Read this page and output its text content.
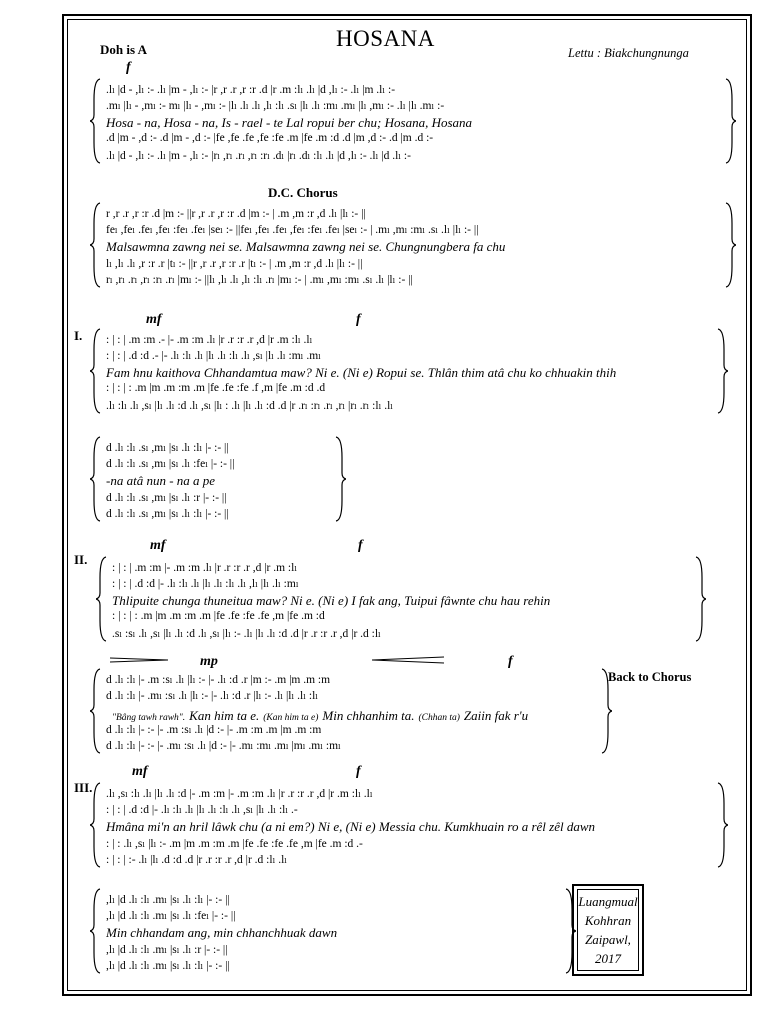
HOSANA
Doh is A	Lettu : Biakchungnunga
f
D.C. Chorus
I.
mf	f
II.
mf	f
mp	f
Back to Chorus
III.
mf	f
.lₗ |d - ,lₗ :- .lₗ |m - ,lₗ :- |r ,r .r ,r :r .d |r .m :lₗ .lₗ |d ,lₗ :- .lₗ |m .lₗ :-
.mₗ |lₗ - ,mₗ :- mₗ |lₗ - ,mₗ :- |lₗ .lₗ .lₗ ,lₗ :lₗ .sₗ |lₗ .lₗ :mₗ .mₗ |lₗ ,mₗ :- .lₗ |lₗ .mₗ :-
.d |m - ,d :- .d |m - ,d :- |fe ,fe .fe ,fe :fe .m |fe .m :d .d |m ,d :- .d |m .d :-
.lₗ |d - ,lₗ :- .lₗ |m - ,lₗ :- |rₗ ,rₗ .rₗ ,rₗ :rₗ .dₗ |rₗ .dₗ :lₗ .lₗ |d ,lₗ :- .lₗ |d .lₗ :-
Hosa - na, Hosa - na, Is - rael - te Lal ropui ber chu; Hosana, Hosana
r ,r .r ,r :r .d |m :- ||r ,r .r ,r :r .d |m :- | .m ,m :r ,d .lₗ |lₗ :- ||
feₗ ,feₗ .feₗ ,feₗ :feₗ .feₗ |seₗ :- ||feₗ ,feₗ .feₗ ,feₗ :feₗ .feₗ |seₗ :- | .mₗ ,mₗ :mₗ .sₗ .lₗ |lₗ :- ||
lₗ ,lₗ .lₗ ,r :r .r |tₗ :- ||r ,r .r ,r :r .r |tₗ :- | .m ,m :r ,d .lₗ |lₗ :- ||
rₗ ,rₗ .rₗ ,rₗ :rₗ .rₗ |mₗ :- ||lₗ ,lₗ .lₗ ,lₗ :lₗ .rₗ |mₗ :- | .mₗ ,mₗ :mₗ .sₗ .lₗ |lₗ :- ||
Malsawmna zawng nei se. Malsawmna zawng nei se. Chungnungbera fa chu
: | : | .m :m .- |- .m :m .lₗ |r .r :r .r ,d |r .m :lₗ .lₗ
: | : | .d :d .- |- .lₗ :lₗ .lₗ |lₗ .lₗ :lₗ .lₗ ,sₗ |lₗ .lₗ :mₗ .mₗ
: | : | : .m |m .m :m .m |fe .fe :fe .f ,m |fe .m :d .d
.lₗ :lₗ .lₗ ,sₗ |lₗ .lₗ :d .lₗ ,sₗ |lₗ : .lₗ |lₗ .lₗ :d .d |r .rₗ :rₗ .rₗ ,rₗ |rₗ .rₗ :lₗ .lₗ
Fam hnu kaithova Chhandamtua maw? Ni e. (Ni e) Ropui se. Thlân thim atâ chu ko chhuakin thih
d .lₗ :lₗ .sₗ ,mₗ |sₗ .lₗ :lₗ |- :- ||
d .lₗ :lₗ .sₗ ,mₗ |sₗ .lₗ :feₗ |- :- ||
d .lₗ :lₗ .sₗ ,mₗ |sₗ .lₗ :r |- :- ||
d .lₗ :lₗ .sₗ ,mₗ |sₗ .lₗ :lₗ |- :- ||
-na atâ nun - na a pe
: | : | .m :m |- .m :m .lₗ |r .r :r .r ,d |r .m :lₗ
: | : | .d :d |- .lₗ :lₗ .lₗ |lₗ .lₗ :lₗ .lₗ ,lₗ |lₗ .lₗ :mₗ
: | : | : .m |m .m :m .m |fe .fe :fe .fe ,m |fe .m :d
.sₗ :sₗ .lₗ ,sₗ |lₗ .lₗ :d .lₗ ,sₗ |lₗ :- .lₗ |lₗ .lₗ :d .d |r .r :r .r ,d |r .d :lₗ
Thlipuite chunga thuneitua maw? Ni e. (Ni e) I fak ang, Tuipui fâwnte chu hau rehin
d .lₗ :lₗ |- .m :sₗ .lₗ |lₗ :- |- .lₗ :d .r |m :- .m |m .m :m
d .lₗ :lₗ |- .mₗ :sₗ .lₗ |lₗ :- |- .lₗ :d .r |lₗ :- .lₗ |lₗ .lₗ :lₗ
d .lₗ :lₗ |- :- |- .m :sₗ .lₗ |d :- |- .m :m .m |m .m :m
d .lₗ :lₗ |- :- |- .mₗ :sₗ .lₗ |d :- |- .mₗ :mₗ .mₗ |mₗ .mₗ :mₗ
.lₗ ,sₗ :lₗ .lₗ |lₗ .lₗ :d |- .m :m |- .m :m .lₗ |r .r :r .r ,d |r .m :lₗ .lₗ
: | : | .d :d |- .lₗ :lₗ .lₗ |lₗ .lₗ :lₗ .lₗ ,sₗ |lₗ .lₗ :lₗ .-
: | : .lₗ ,sₗ |lₗ :- .m |m .m :m .m |fe .fe :fe .fe ,m |fe .m :d .-
: | : | :- .lₗ |lₗ .d :d .d |r .r :r .r ,d |r .d :lₗ .lₗ
Hmâna mi'n an hril lâwk chu (a ni em?) Ni e, (Ni e) Messia chu. Kumkhuain ro a rêl zêl dawn
,lₗ |d .lₗ :lₗ .mₗ |sₗ .lₗ :lₗ |- :- ||
,lₗ |d .lₗ :lₗ .mₗ |sₗ .lₗ :feₗ |- :- ||
,lₗ |d .lₗ :lₗ .mₗ |sₗ .lₗ :r |- :- ||
,lₗ |d .lₗ :lₗ .mₗ |sₗ .lₗ :lₗ |- :- ||
Min chhandam ang, min chhanchhuak dawn
"Bâng tawh rawh". Kan him ta e. (Kan him ta e) Min chhanhim ta. (Chhan ta) Zaiin fak r'u
Luangmual
Kohhran
Zaipawl,
2017
